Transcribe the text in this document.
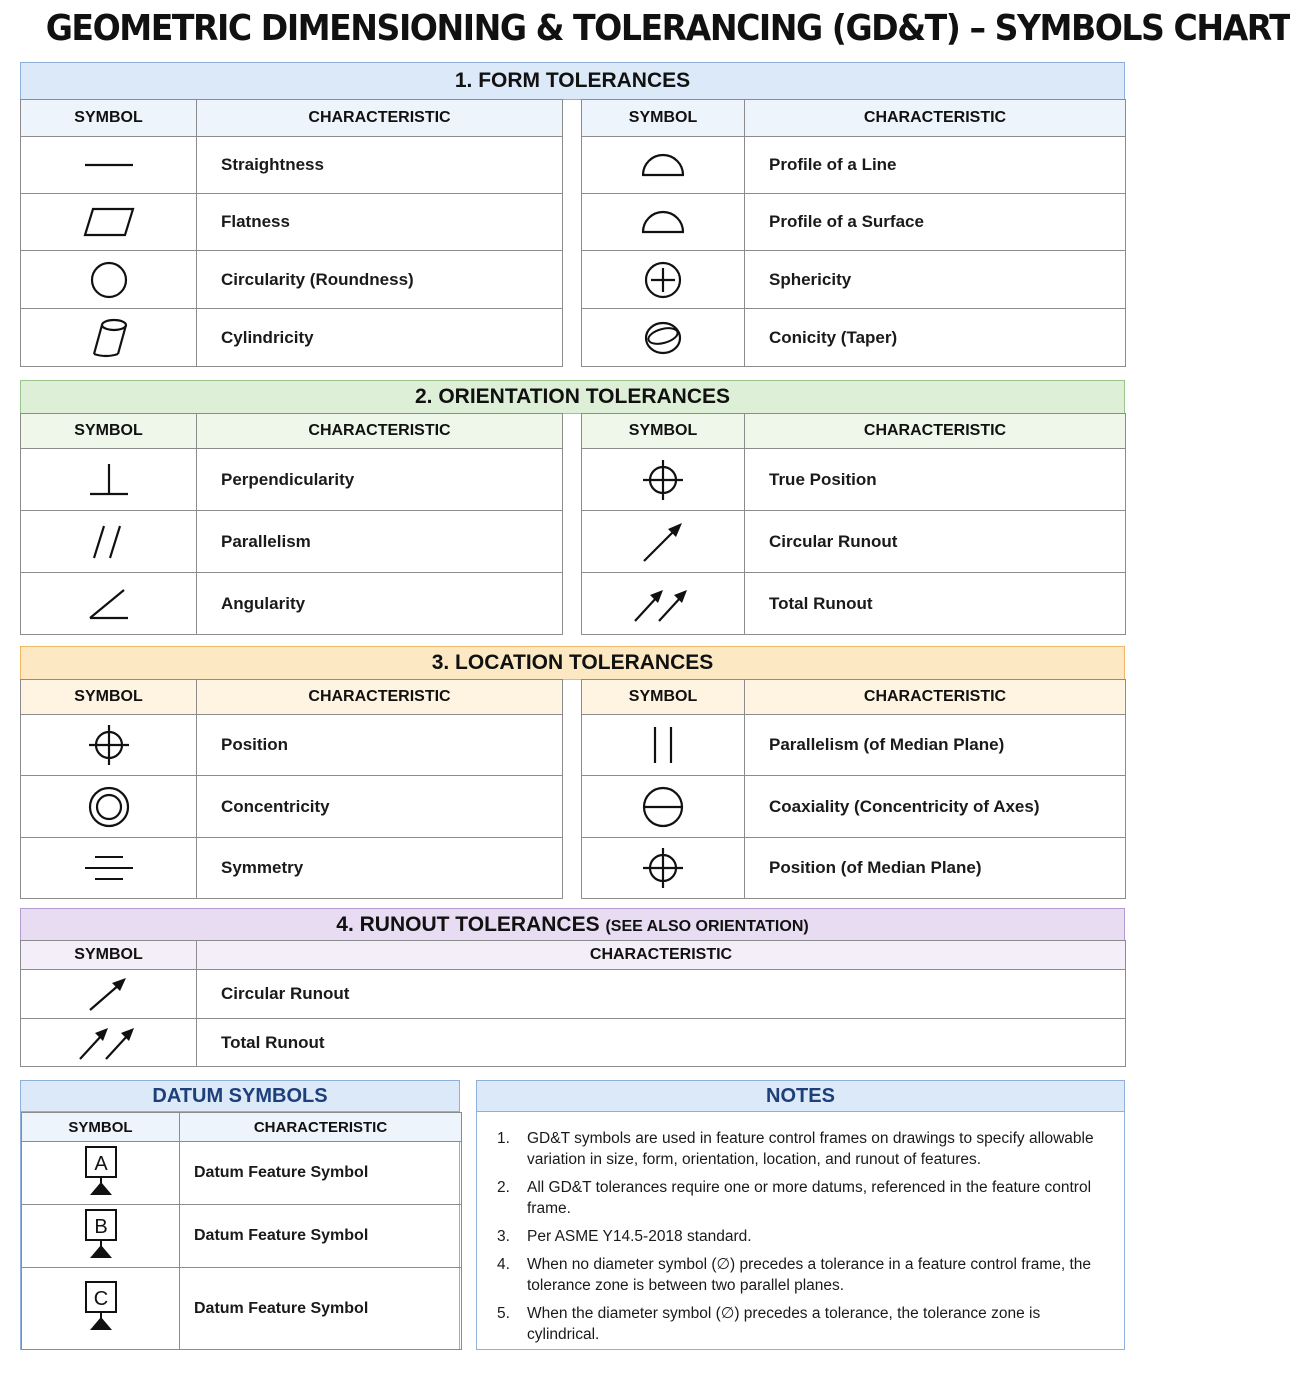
GEOMETRIC DIMENSIONING & TOLERANCING (GD&T) – SYMBOLS CHART
1. FORM TOLERANCES
SYMBOL	CHARACTERISTIC

	Straightness

	Flatness

	Circularity (Roundness)

	Cylindricity
SYMBOL	CHARACTERISTIC

	Profile of a Line

	Profile of a Surface

	Sphericity

	Conicity (Taper)
2. ORIENTATION TOLERANCES
SYMBOL	CHARACTERISTIC

	Perpendicularity

	Parallelism

	Angularity
SYMBOL	CHARACTERISTIC

	True Position

	Circular Runout

	Total Runout
3. LOCATION TOLERANCES
SYMBOL	CHARACTERISTIC

	Position

	Concentricity

	Symmetry
SYMBOL	CHARACTERISTIC

	Parallelism (of Median Plane)

	Coaxiality (Concentricity of Axes)

	Position (of Median Plane)
4. RUNOUT TOLERANCES (SEE ALSO ORIENTATION)
SYMBOL	CHARACTERISTIC

	Circular Runout

	Total Runout
DATUM SYMBOLS
SYMBOL	CHARACTERISTIC

A	Datum Feature Symbol

B	Datum Feature Symbol

C	Datum Feature Symbol
NOTES
1.	GD&T symbols are used in feature control frames on drawings to specify allowable variation in size, form, orientation, location, and runout of features.
2.	All GD&T tolerances require one or more datums, referenced in the feature control frame.
3.	Per ASME Y14.5-2018 standard.
4.	When no diameter symbol (∅) precedes a tolerance in a feature control frame, the tolerance zone is between two parallel planes.
5.	When the diameter symbol (∅) precedes a tolerance, the tolerance zone is cylindrical.
